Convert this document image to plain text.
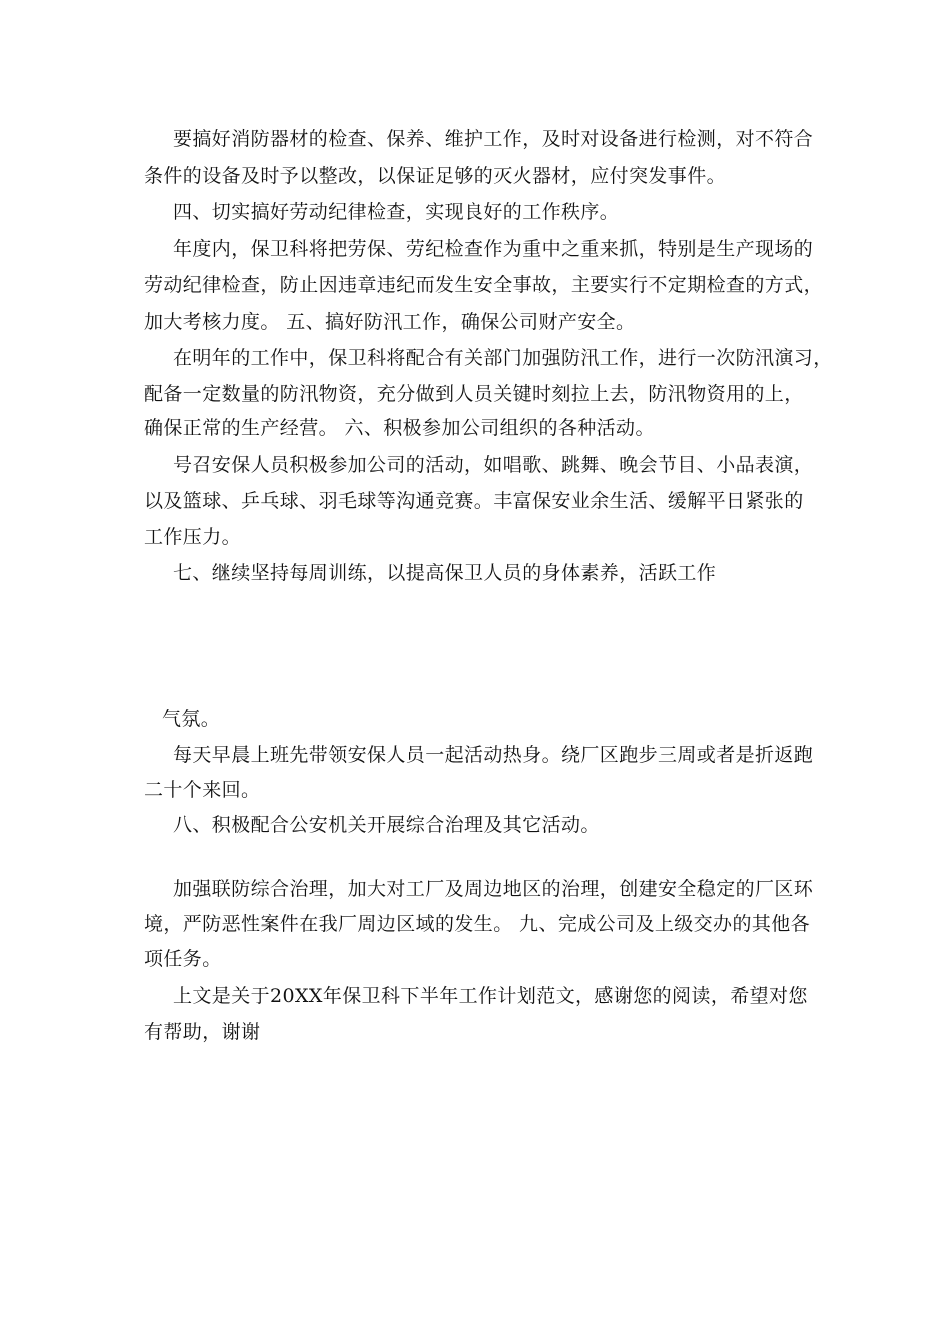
要搞好消防器材的检查、保养、维护工作，及时对设备进行检测，对不符合
条件的设备及时予以整改，以保证足够的灭火器材，应付突发事件。
四、切实搞好劳动纪律检查，实现良好的工作秩序。
年度内，保卫科将把劳保、劳纪检查作为重中之重来抓，特别是生产现场的
劳动纪律检查，防止因违章违纪而发生安全事故，主要实行不定期检查的方式，
加大考核力度。 五、搞好防汛工作，确保公司财产安全。
在明年的工作中，保卫科将配合有关部门加强防汛工作，进行一次防汛演习，
配备一定数量的防汛物资，充分做到人员关键时刻拉上去，防汛物资用的上，
确保正常的生产经营。 六、积极参加公司组织的各种活动。
号召安保人员积极参加公司的活动，如唱歌、跳舞、晚会节目、小品表演，
以及篮球、乒乓球、羽毛球等沟通竞赛。丰富保安业余生活、缓解平日紧张的
工作压力。
七、继续坚持每周训练，以提高保卫人员的身体素养，活跃工作
气氛。
每天早晨上班先带领安保人员一起活动热身。绕厂区跑步三周或者是折返跑
二十个来回。
八、积极配合公安机关开展综合治理及其它活动。
加强联防综合治理，加大对工厂及周边地区的治理，创建安全稳定的厂区环
境，严防恶性案件在我厂周边区域的发生。 九、完成公司及上级交办的其他各
项任务。
上文是关于20XX年保卫科下半年工作计划范文，感谢您的阅读，希望对您
有帮助，谢谢
